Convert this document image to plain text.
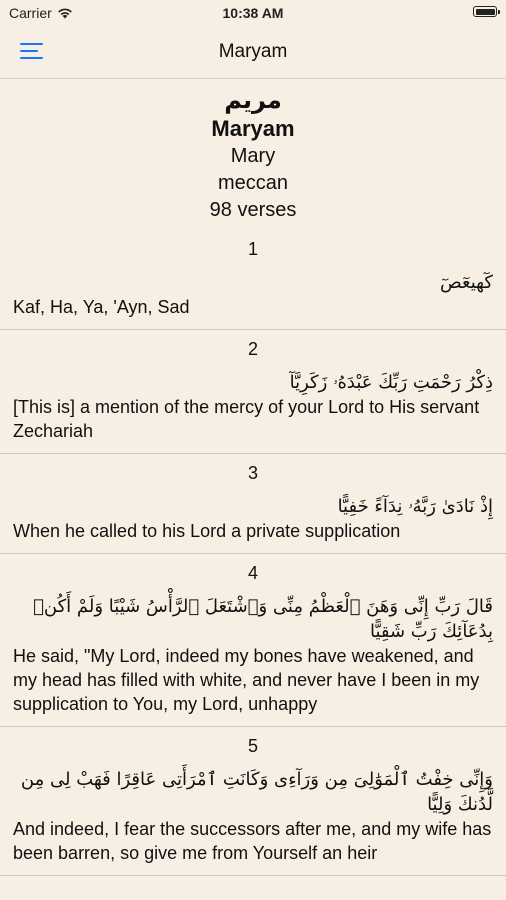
Carrier	10:38 AM
Maryam
مريم
Maryam
Mary
meccan
98 verses
1
كٓهيعٓصٓ
Kaf, Ha, Ya, 'Ayn, Sad
2
ذِكْرُ رَحْمَتِ رَبِّكَ عَبْدَهُۥ زَكَرِيَّآ
[This is] a mention of the mercy of your Lord to His servant Zechariah
3
إِذْ نَادَىٰ رَبَّهُۥ نِدَآءً خَفِيًّا
When he called to his Lord a private supplication
4
قَالَ رَبِّ إِنِّى وَهَنَ ٱلْعَظْمُ مِنِّى وَٱشْتَعَلَ ٱلرَّأْسُ شَيْبًا وَلَمْ أَكُنۢ بِدُعَآئِكَ رَبِّ شَقِيًّا
He said, "My Lord, indeed my bones have weakened, and my head has filled with white, and never have I been in my supplication to You, my Lord, unhappy
5
وَإِنِّى خِفْتُ ٱلْمَوَٰلِىَ مِن وَرَآءِى وَكَانَتِ ٱمْرَأَتِى عَاقِرًا فَهَبْ لِى مِن لَّدُنكَ وَلِيًّا
And indeed, I fear the successors after me, and my wife has been barren, so give me from Yourself an heir
